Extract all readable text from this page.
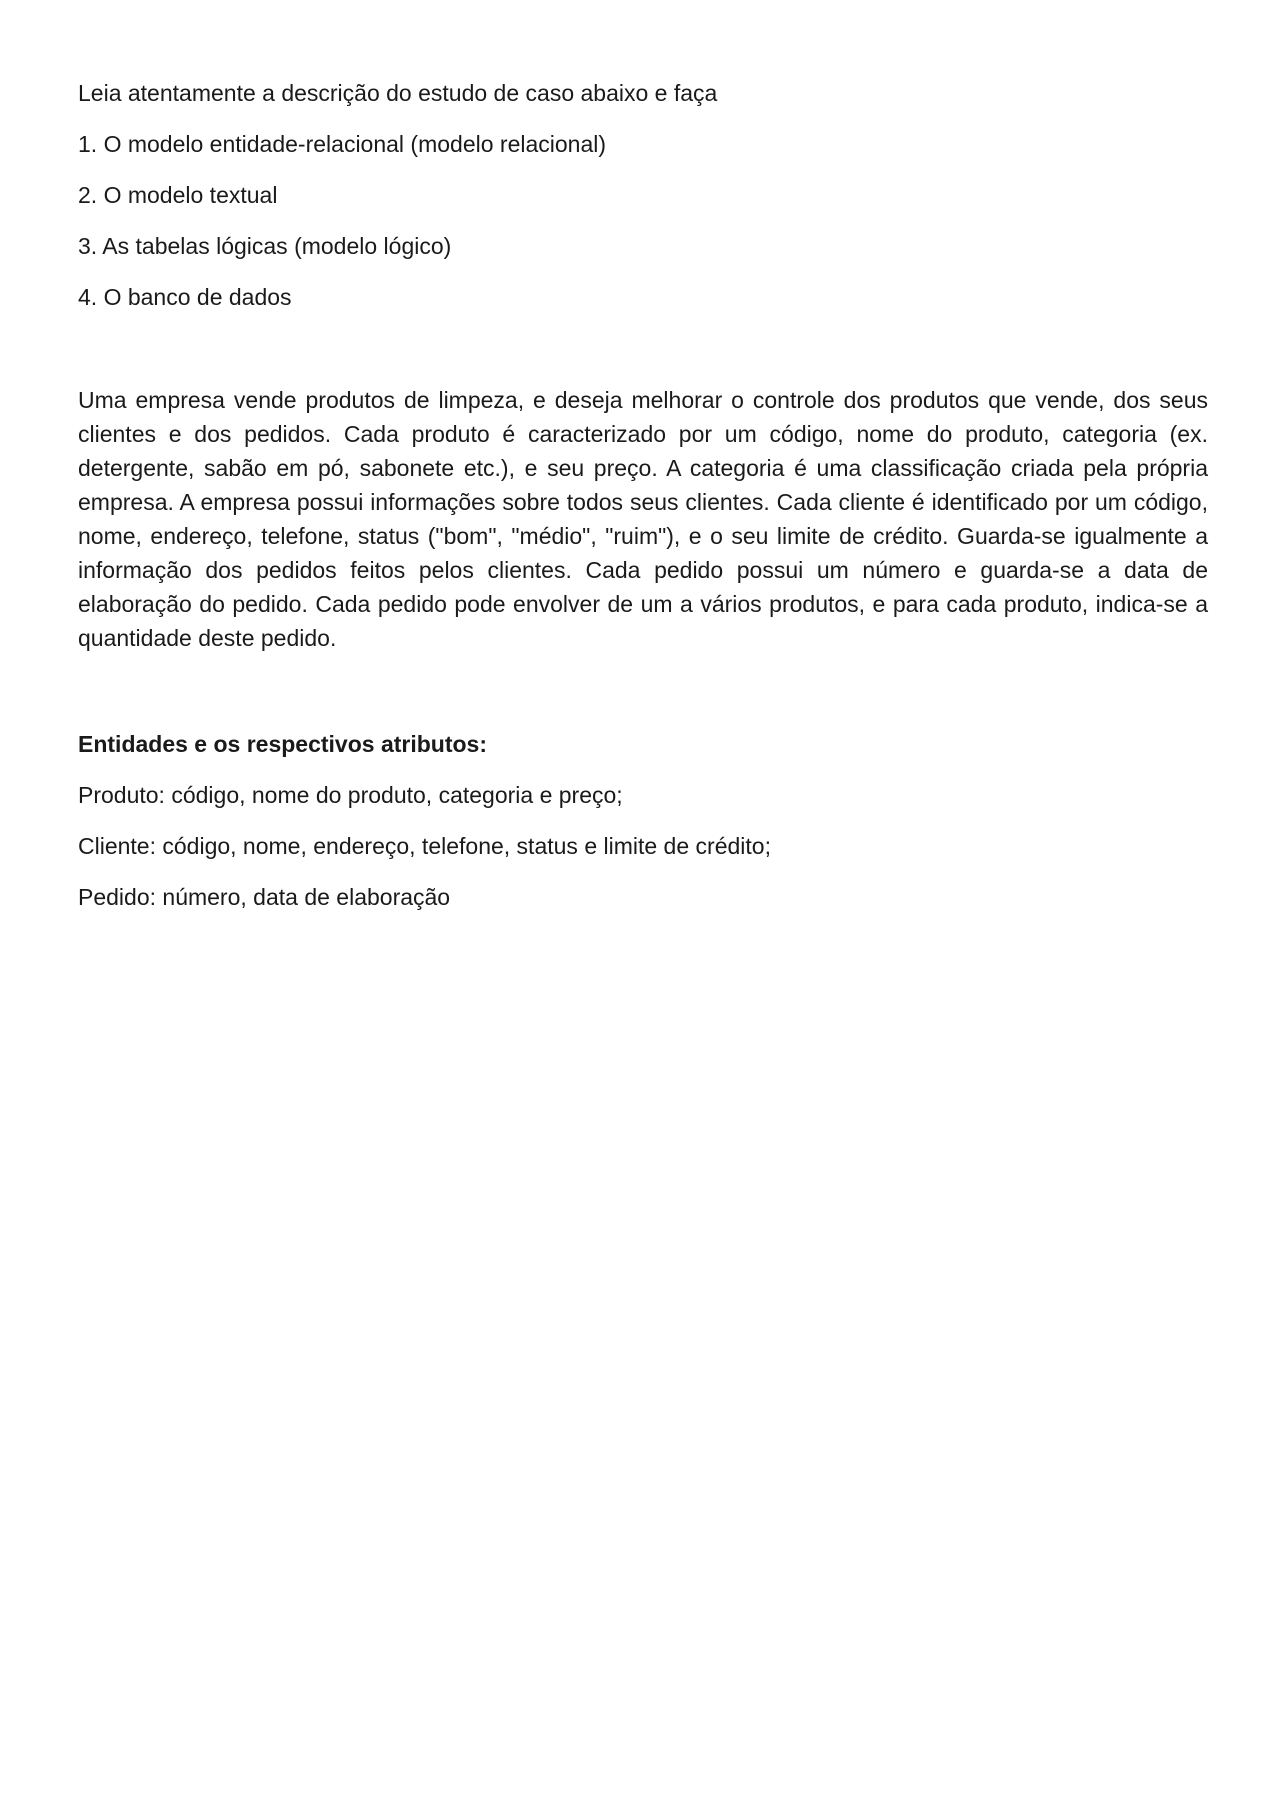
Leia atentamente a descrição do estudo de caso abaixo e faça

1. O modelo entidade-relacional (modelo relacional)

2. O modelo textual

3. As tabelas lógicas (modelo lógico)

4. O banco de dados

Uma empresa vende produtos de limpeza, e deseja melhorar o controle dos produtos que vende, dos seus clientes e dos pedidos. Cada produto é caracterizado por um código, nome do produto, categoria (ex. detergente, sabão em pó, sabonete etc.), e seu preço. A categoria é uma classificação criada pela própria empresa. A empresa possui informações sobre todos seus clientes. Cada cliente é identificado por um código, nome, endereço, telefone, status ("bom", "médio", "ruim"), e o seu limite de crédito. Guarda-se igualmente a informação dos pedidos feitos pelos clientes. Cada pedido possui um número e guarda-se a data de elaboração do pedido. Cada pedido pode envolver de um a vários produtos, e para cada produto, indica-se a quantidade deste pedido.

Entidades e os respectivos atributos:

Produto: código, nome do produto, categoria e preço;

Cliente: código, nome, endereço, telefone, status e limite de crédito;

Pedido: número, data de elaboração
